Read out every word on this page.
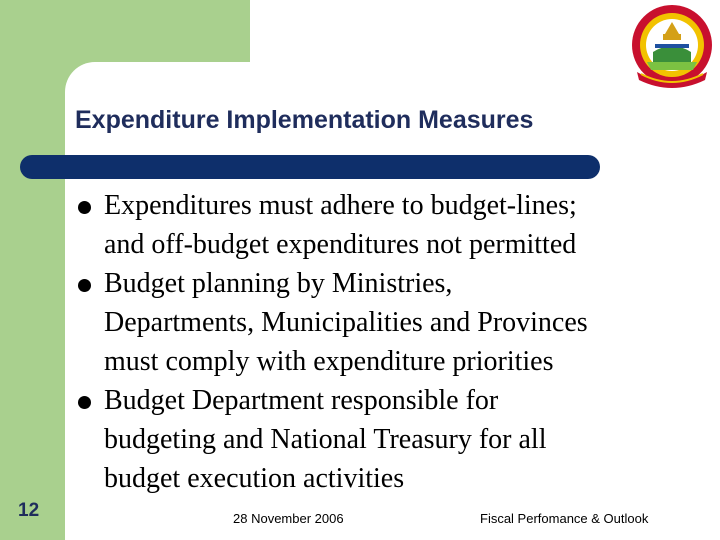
Expenditure Implementation Measures
Expenditures must adhere to budget-lines;
and off-budget expenditures not permitted
Budget planning by Ministries,
Departments, Municipalities and Provinces
must comply with expenditure priorities
Budget Department responsible for
budgeting and National Treasury for all
budget execution activities
12	28 November 2006	Fiscal Perfomance & Outlook
